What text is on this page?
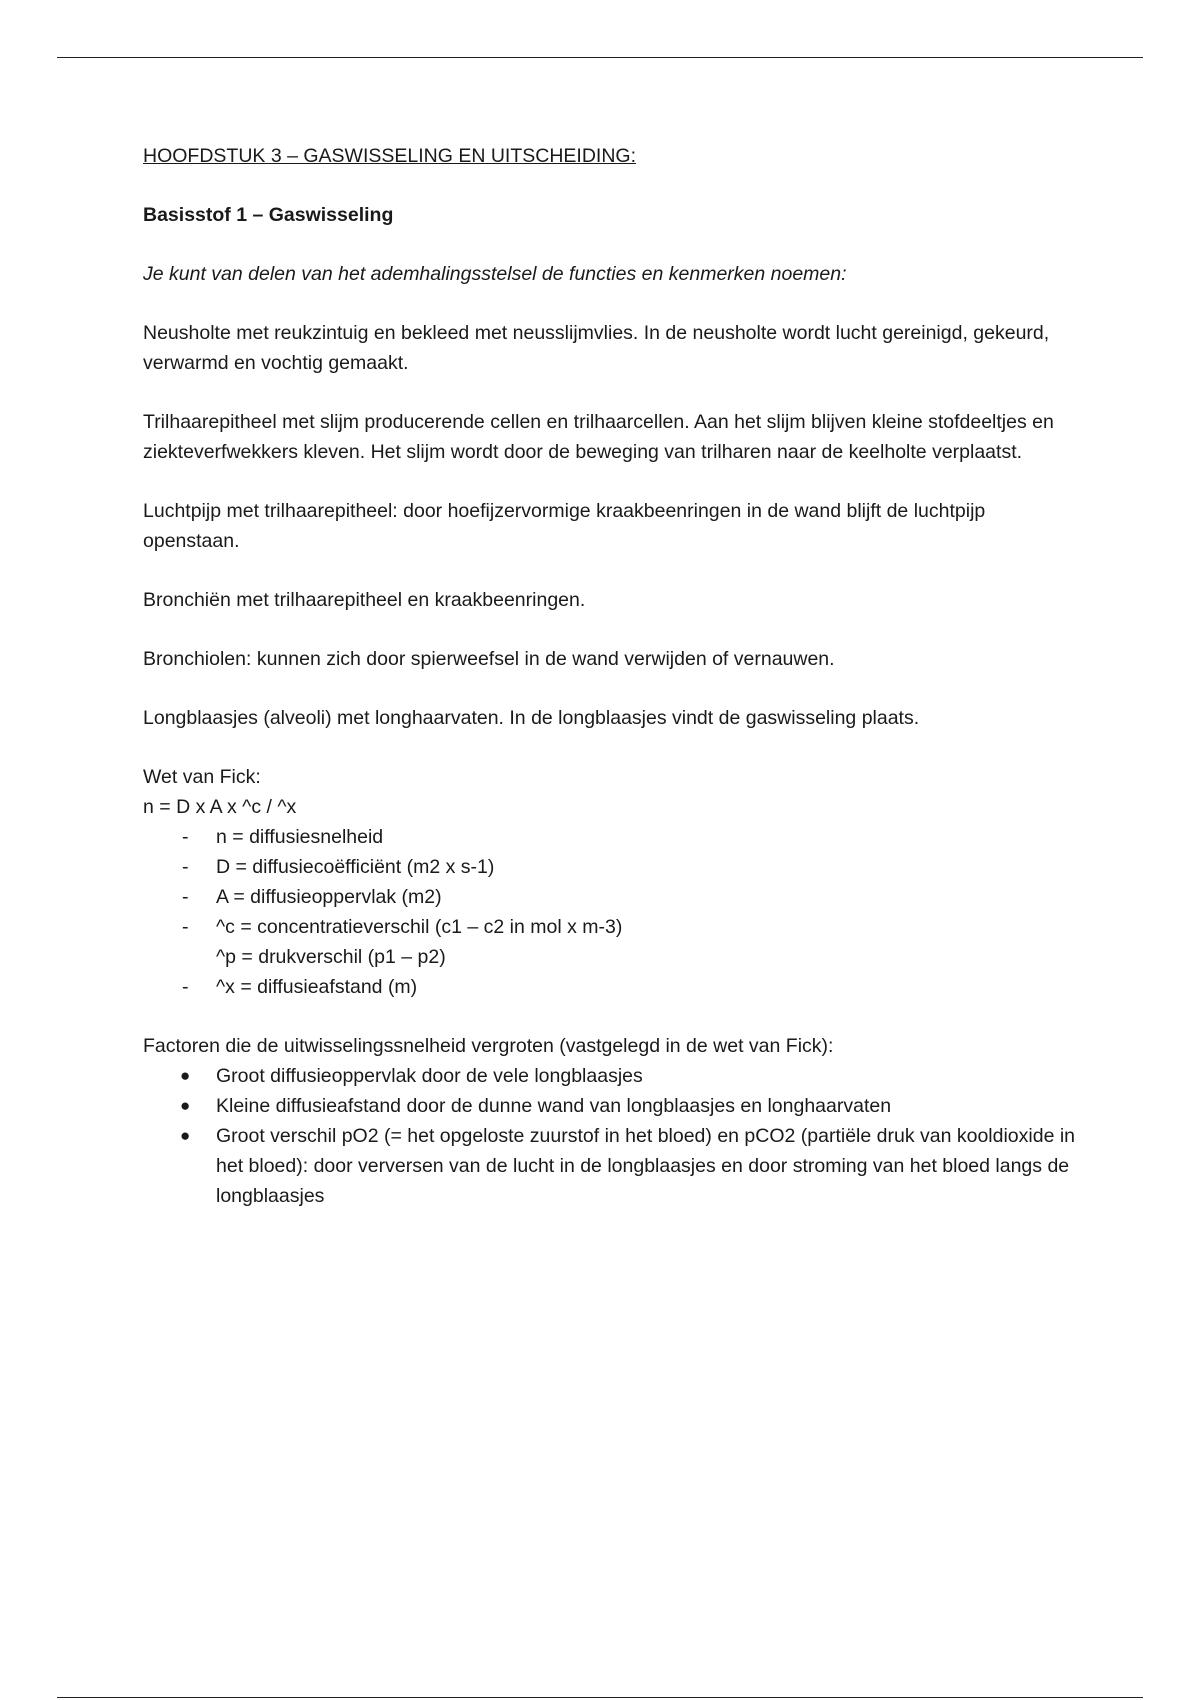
HOOFDSTUK 3 – GASWISSELING EN UITSCHEIDING:

Basisstof 1 – Gaswisseling

Je kunt van delen van het ademhalingsstelsel de functies en kenmerken noemen:

Neusholte met reukzintuig en bekleed met neusslijmvlies. In de neusholte wordt lucht gereinigd, gekeurd, verwarmd en vochtig gemaakt.

Trilhaarepitheel met slijm producerende cellen en trilhaarcellen. Aan het slijm blijven kleine stofdeeltjes en ziekteverfwekkers kleven. Het slijm wordt door de beweging van trilharen naar de keelholte verplaatst.

Luchtpijp met trilhaarepitheel: door hoefijzervormige kraakbeenringen in de wand blijft de luchtpijp openstaan.

Bronchiën met trilhaarepitheel en kraakbeenringen.

Bronchiolen: kunnen zich door spierweefsel in de wand verwijden of vernauwen.

Longblaasjes (alveoli) met longhaarvaten. In de longblaasjes vindt de gaswisseling plaats.

Wet van Fick:

n = D x A x ^c / ^x

- n = diffusiesnelheid
- D = diffusiecoëfficiënt (m2 x s-1)
- A = diffusieoppervlak (m2)
- ^c = concentratieverschil (c1 – c2 in mol x m-3)
^p = drukverschil (p1 – p2)
- ^x = diffusieafstand (m)

Factoren die de uitwisselingssnelheid vergroten (vastgelegd in de wet van Fick):

● Groot diffusieoppervlak door de vele longblaasjes
● Kleine diffusieafstand door de dunne wand van longblaasjes en longhaarvaten
● Groot verschil pO2 (= het opgeloste zuurstof in het bloed) en pCO2 (partiële druk van kooldioxide in het bloed): door verversen van de lucht in de longblaasjes en door stroming van het bloed langs de longblaasjes
